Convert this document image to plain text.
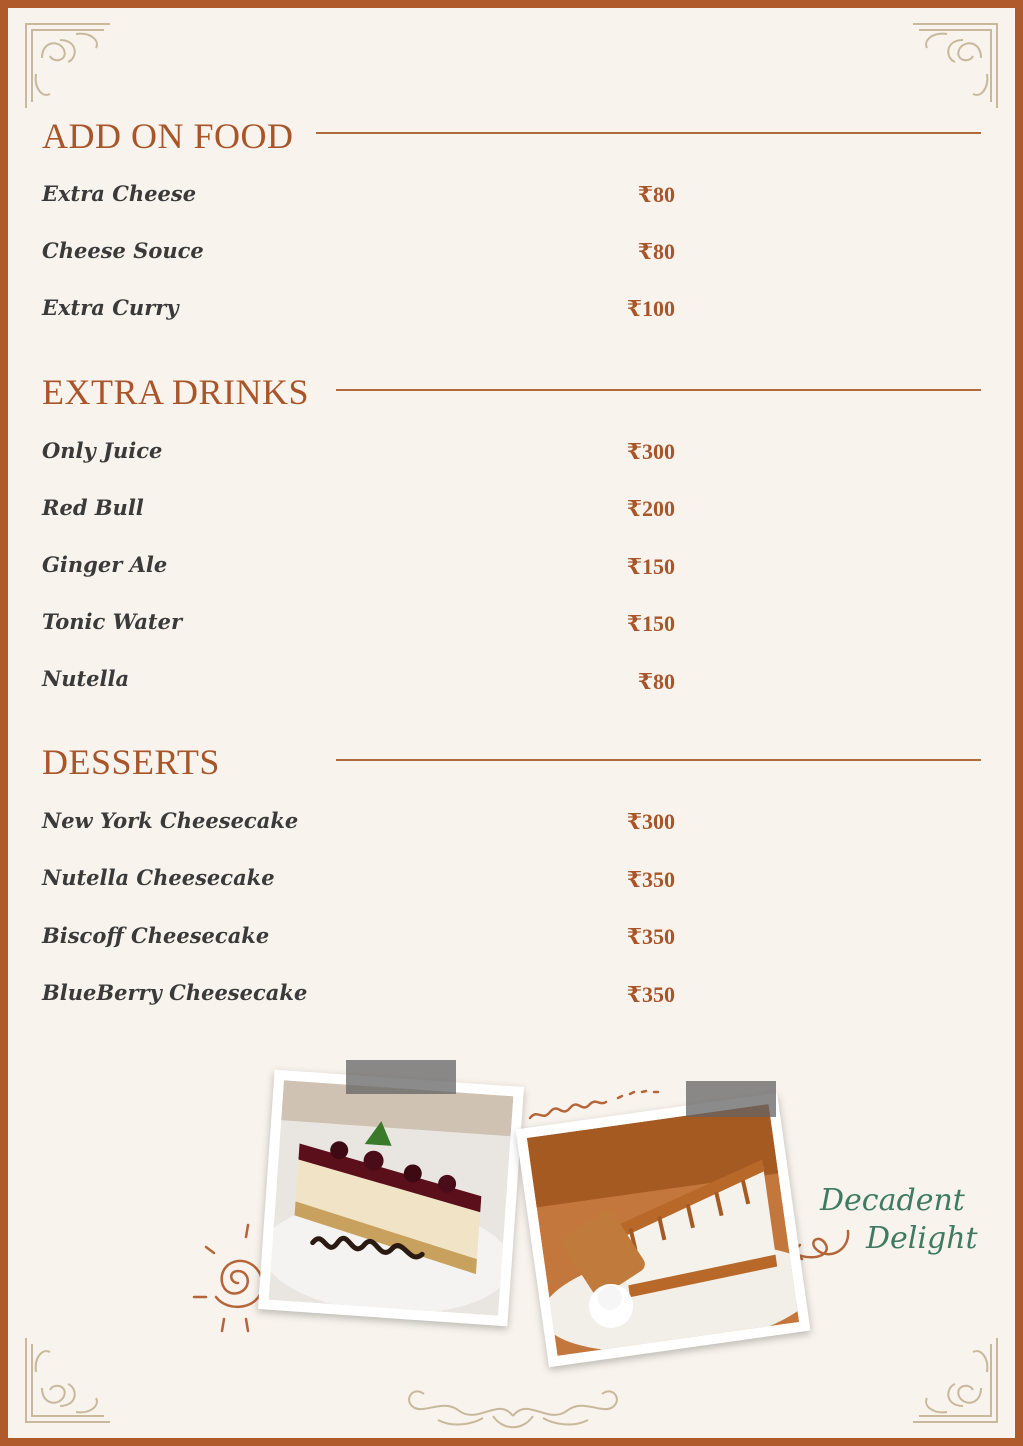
ADD ON FOOD
Extra Cheese	₹80
Cheese Souce	₹80
Extra Curry	₹100
EXTRA DRINKS
Only Juice	₹300
Red Bull	₹200
Ginger Ale	₹150
Tonic Water	₹150
Nutella	₹80
DESSERTS
New York Cheesecake	₹300
Nutella Cheesecake	₹350
Biscoff Cheesecake	₹350
BlueBerry Cheesecake	₹350
Decadent
Delight
